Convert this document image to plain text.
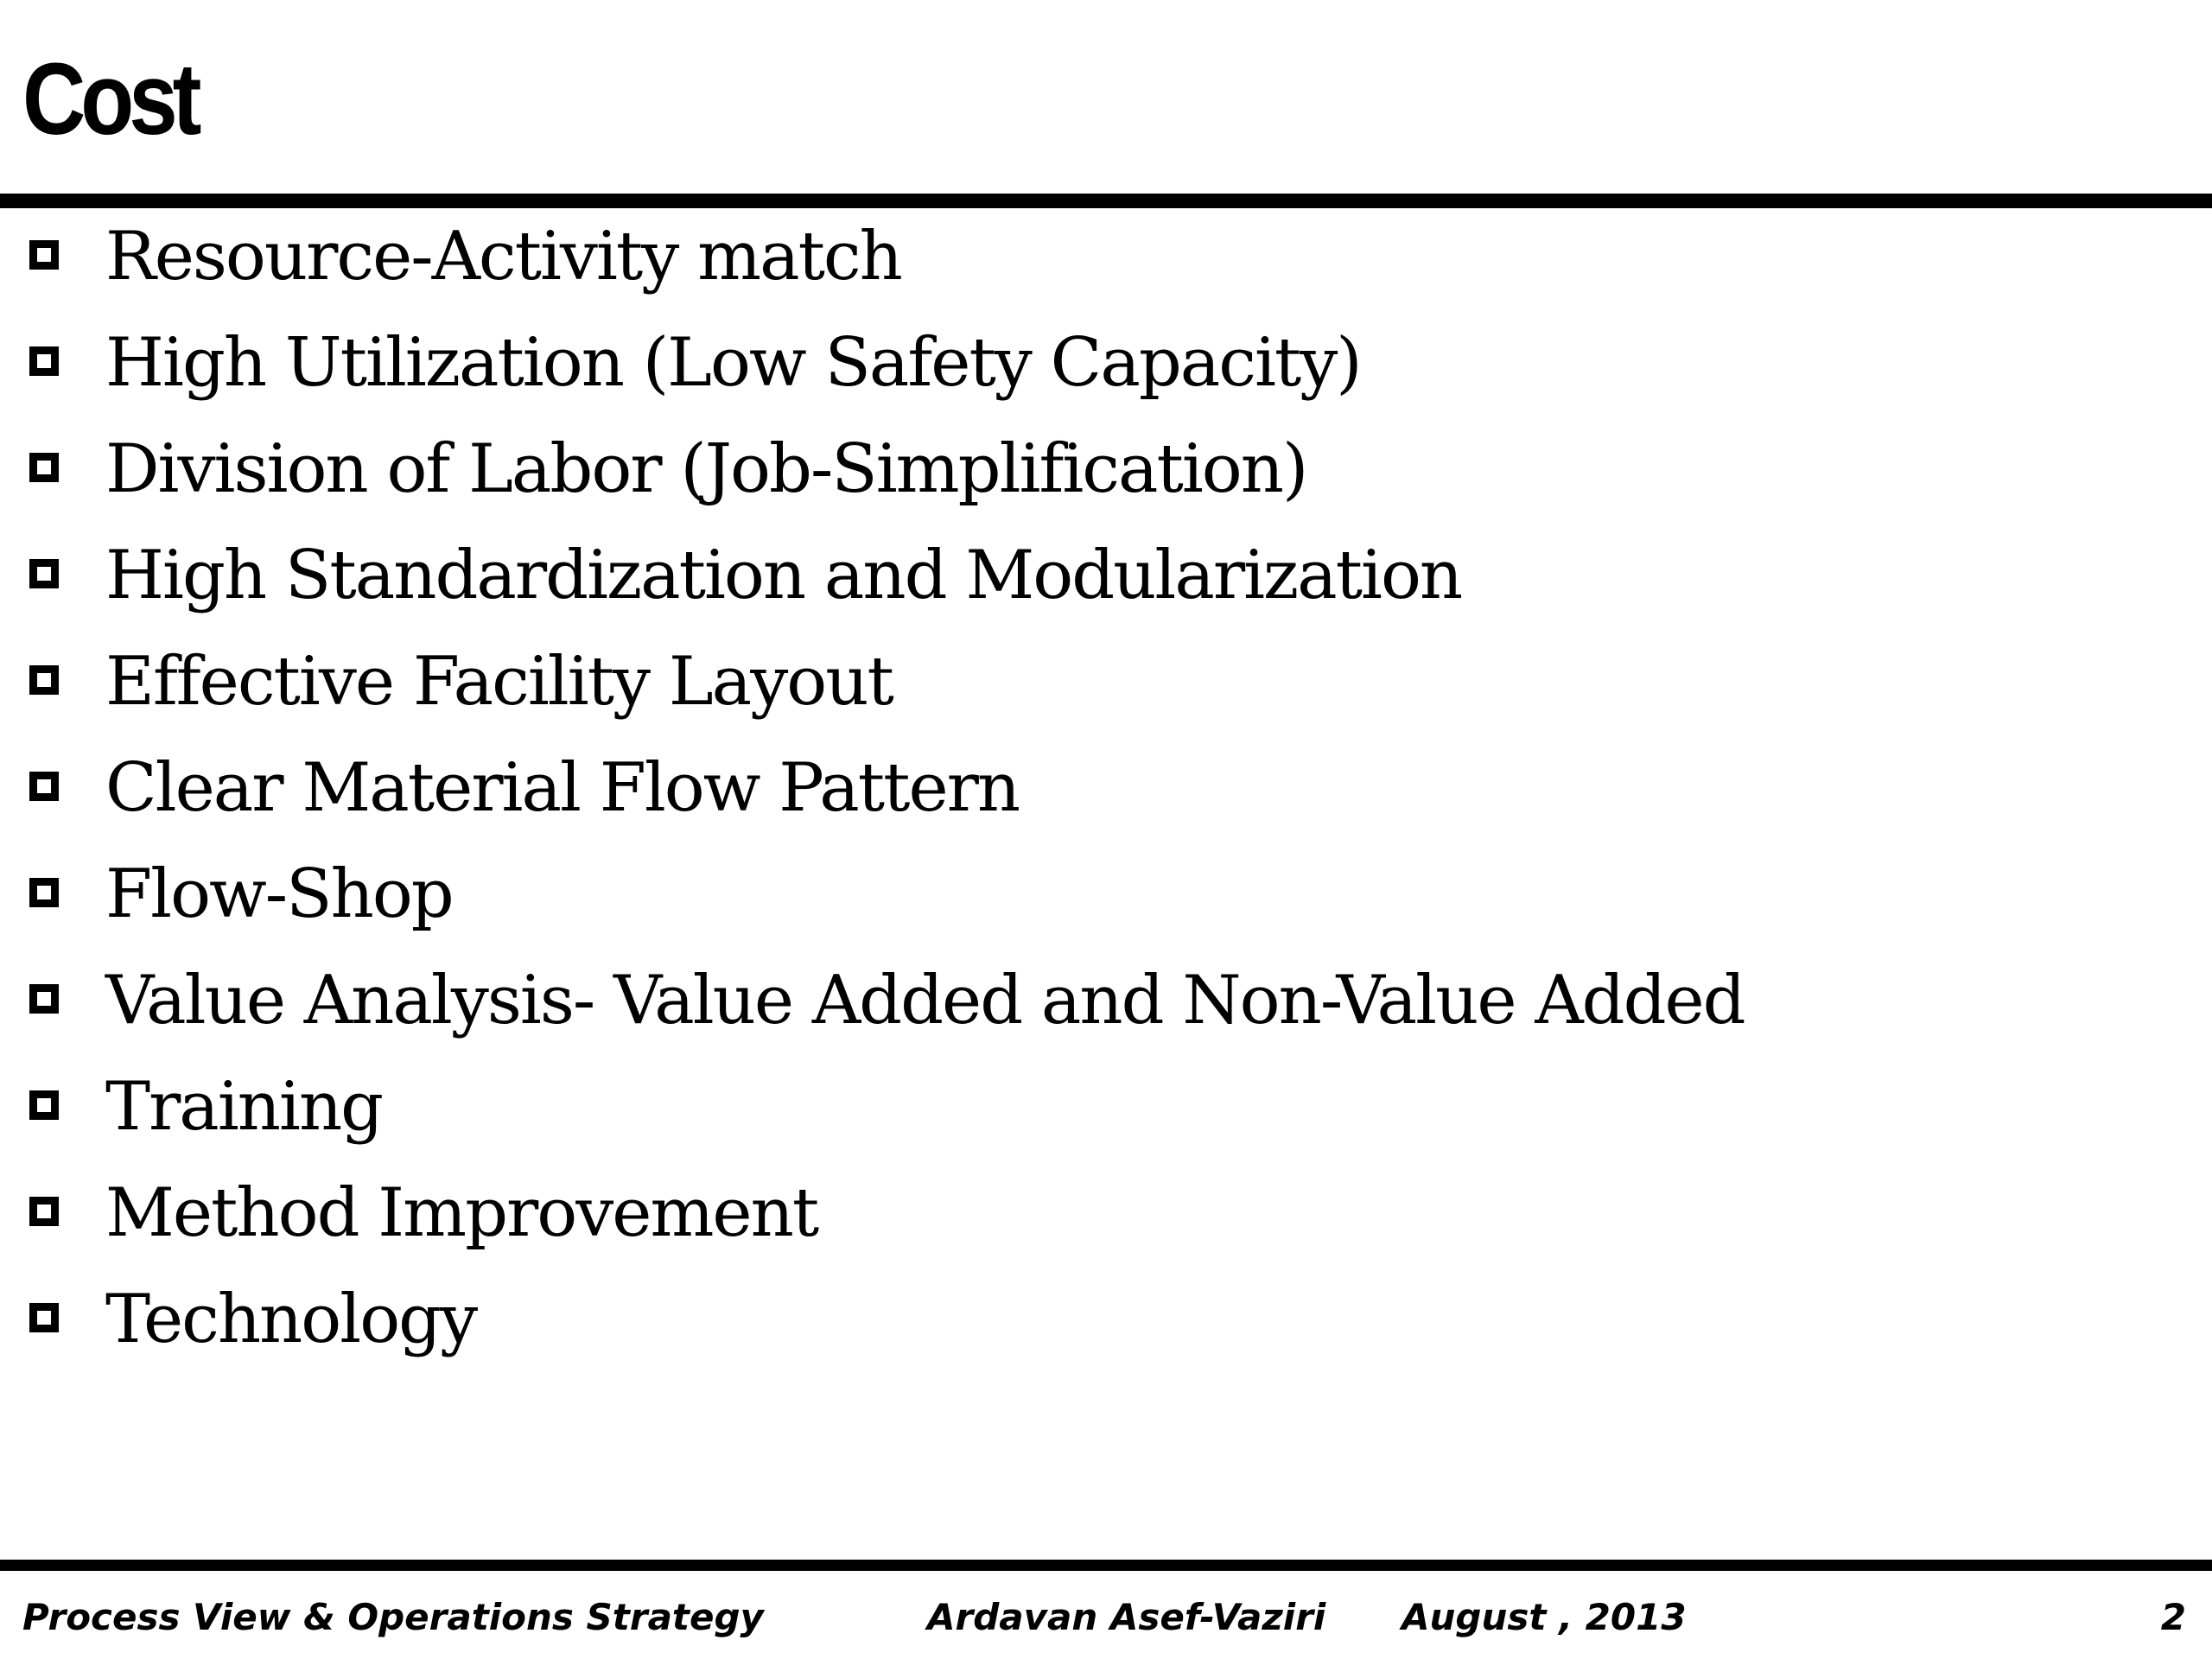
Cost
Resource-Activity match
High Utilization (Low Safety Capacity)
Division of Labor (Job-Simplification)
High Standardization and Modularization
Effective Facility Layout
Clear Material Flow Pattern
Flow-Shop
Value Analysis- Value Added and Non-Value Added
Training
Method Improvement
Technology
Process View & Operations Strategy	Ardavan Asef-Vaziri August , 2013	2
